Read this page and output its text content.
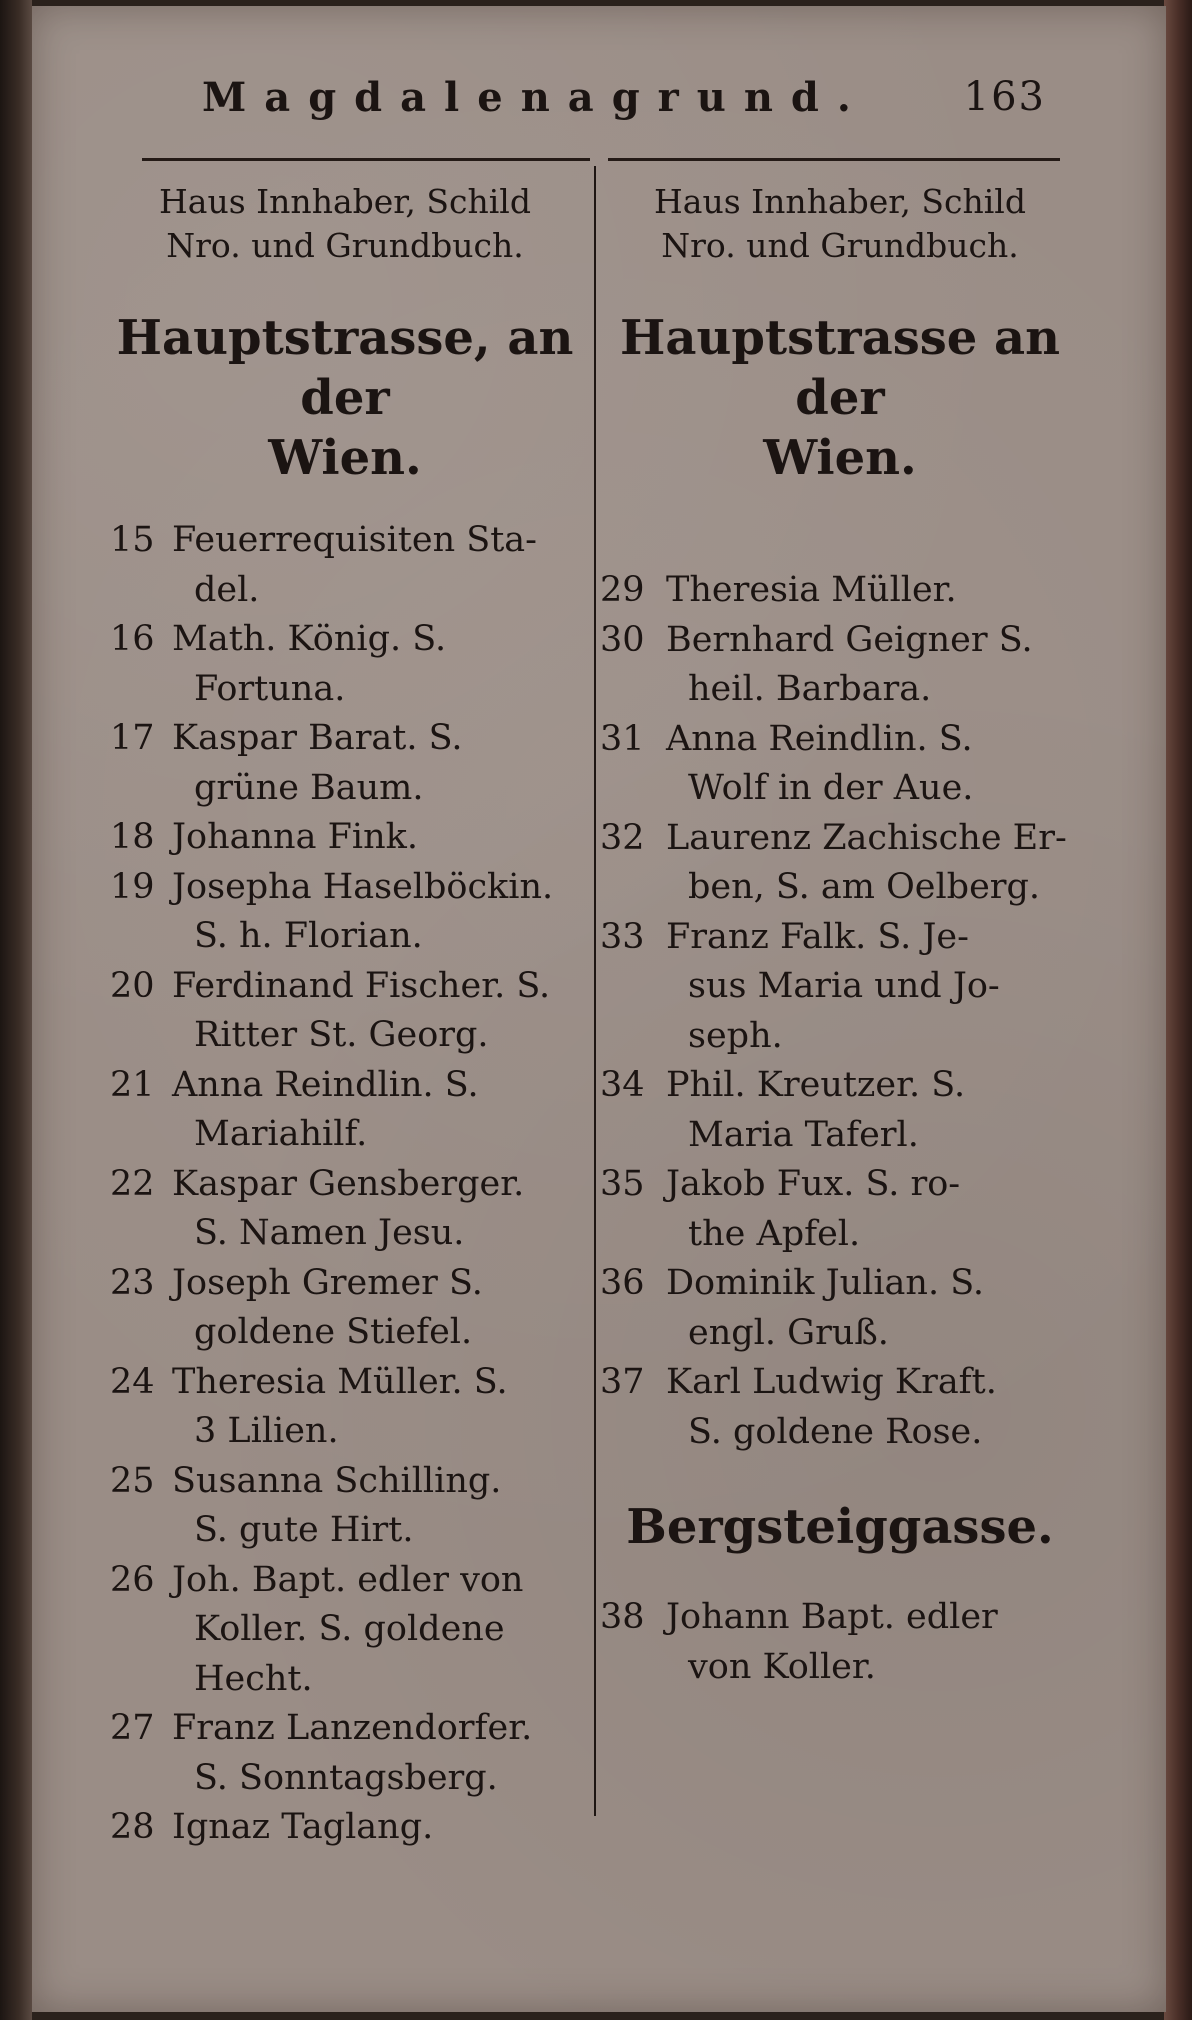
Magdalenagrund. 163
Haus Innhaber, Schild
Nro. und Grundbuch.
Hauptstrasse, an der
Wien.
15 Feuerrequisiten Sta-
del.
16 Math. König. S.
Fortuna.
17 Kaspar Barat. S.
grüne Baum.
18 Johanna Fink.
19 Josepha Haselböckin.
S. h. Florian.
20 Ferdinand Fischer. S.
Ritter St. Georg.
21 Anna Reindlin. S.
Mariahilf.
22 Kaspar Gensberger.
S. Namen Jesu.
23 Joseph Gremer S.
goldene Stiefel.
24 Theresia Müller. S.
3 Lilien.
25 Susanna Schilling.
S. gute Hirt.
26 Joh. Bapt. edler von
Koller. S. goldene
Hecht.
27 Franz Lanzendorfer.
S. Sonntagsberg.
28 Ignaz Taglang.
Haus Innhaber, Schild
Nro. und Grundbuch.
Hauptstrasse an der
Wien.
29 Theresia Müller.
30 Bernhard Geigner S.
heil. Barbara.
31 Anna Reindlin. S.
Wolf in der Aue.
32 Laurenz Zachische Er-
ben, S. am Oelberg.
33 Franz Falk. S. Je-
sus Maria und Jo-
seph.
34 Phil. Kreutzer. S.
Maria Taferl.
35 Jakob Fux. S. ro-
the Apfel.
36 Dominik Julian. S.
engl. Gruß.
37 Karl Ludwig Kraft.
S. goldene Rose.
Bergsteiggasse.
38 Johann Bapt. edler
von Koller.
